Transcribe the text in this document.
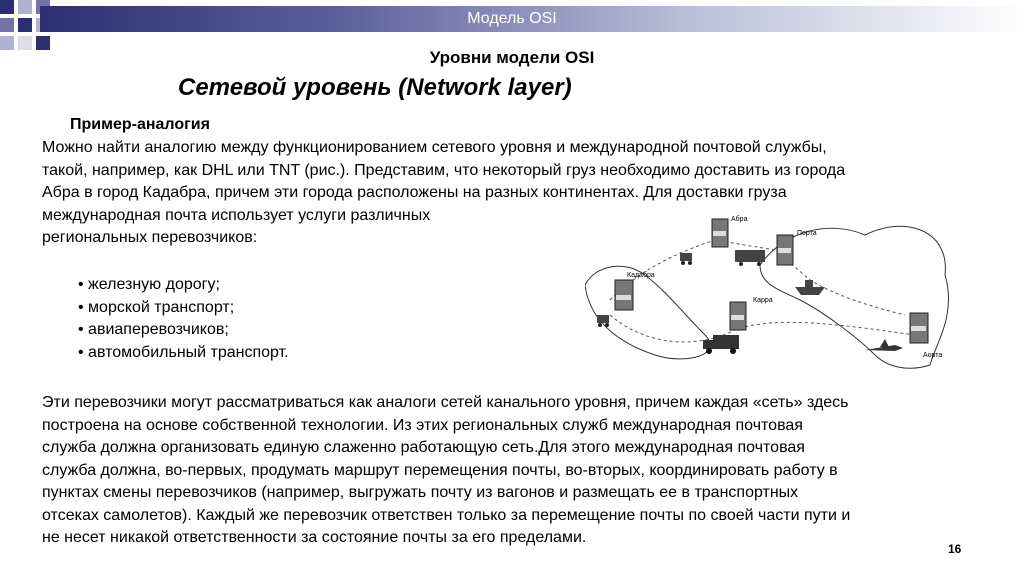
Модель OSI
Уровни модели OSI
Сетевой уровень (Network layer)
Пример-аналогия
Можно найти аналогию между функционированием сетевого уровня и международной почтовой службы,
такой, например, как DHL или TNT (рис.). Представим, что некоторый груз необходимо доставить из города
Абра в город Кадабра, причем эти города расположены на разных континентах. Для доставки груза
международная почта использует услуги различных
региональных перевозчиков:
• железную дорогу;
• морской транспорт;
• авиаперевозчиков;
• автомобильный транспорт.
Эти перевозчики могут рассматриваться как аналоги сетей канального уровня, причем каждая «сеть» здесь
построена на основе собственной технологии. Из этих региональных служб международная почтовая
служба должна организовать единую слаженно работающую сеть.Для этого международная почтовая
служба должна, во-первых, продумать маршрут перемещения почты, во-вторых, координировать работу в
пунктах смены перевозчиков (например, выгружать почту из вагонов и размещать ее в транспортных
отсеках самолетов). Каждый же перевозчик ответствен только за перемещение почты по своей части пути и
не несет никакой ответственности за состояние почты за его пределами.
Абра
Порта
Кадабра
Карра
Аорта
16
